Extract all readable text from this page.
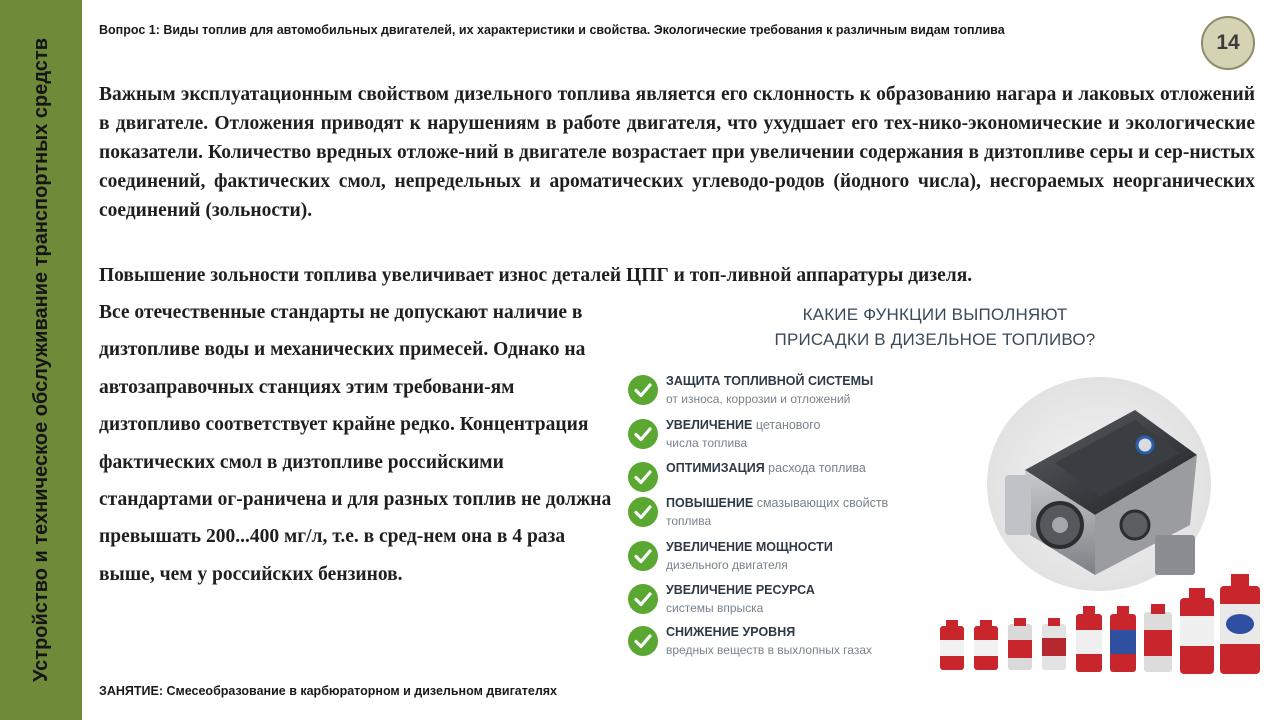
Устройство и техническое обслуживание транспортных средств
Вопрос 1: Виды топлив для автомобильных двигателей, их характеристики и свойства. Экологические требования к различным видам топлива
14

Важным эксплуатационным свойством дизельного топлива является его склонность к образованию нагара и лаковых отложений в двигателе. Отложения приводят к нарушениям в работе двигателя, что ухудшает его тех-нико-экономические и экологические показатели. Количество вредных отложе-ний в двигателе возрастает при увеличении содержания в дизтопливе серы и сер-нистых соединений, фактических смол, непредельных и ароматических углеводо-родов (йодного числа), несгораемых неорганических соединений (зольности).

Повышение зольности топлива увеличивает износ деталей ЦПГ и топ-ливной аппаратуры дизеля.

Все отечественные стандарты не допускают наличие в дизтопливе воды и механических примесей. Однако на автозаправочных станциях этим требовани-ям дизтопливо соответствует крайне редко. Концентрация фактических смол в дизтопливе российскими стандартами ог-раничена и для разных топлив не должна превышать 200...400 мг/л, т.е. в сред-нем она в 4 раза выше, чем у российских бензинов.

КАКИЕ ФУНКЦИИ ВЫПОЛНЯЮТ
ПРИСАДКИ В ДИЗЕЛЬНОЕ ТОПЛИВО?
ЗАЩИТА ТОПЛИВНОЙ СИСТЕМЫ
от износа, коррозии и отложений
УВЕЛИЧЕНИЕ цетанового
числа топлива
ОПТИМИЗАЦИЯ расхода топлива
ПОВЫШЕНИЕ смазывающих свойств
топлива
УВЕЛИЧЕНИЕ МОЩНОСТИ
дизельного двигателя
УВЕЛИЧЕНИЕ РЕСУРСА
системы впрыска
СНИЖЕНИЕ УРОВНЯ
вредных веществ в выхлопных газах
ЗАНЯТИЕ: Смесеобразование в карбюраторном и дизельном двигателях
